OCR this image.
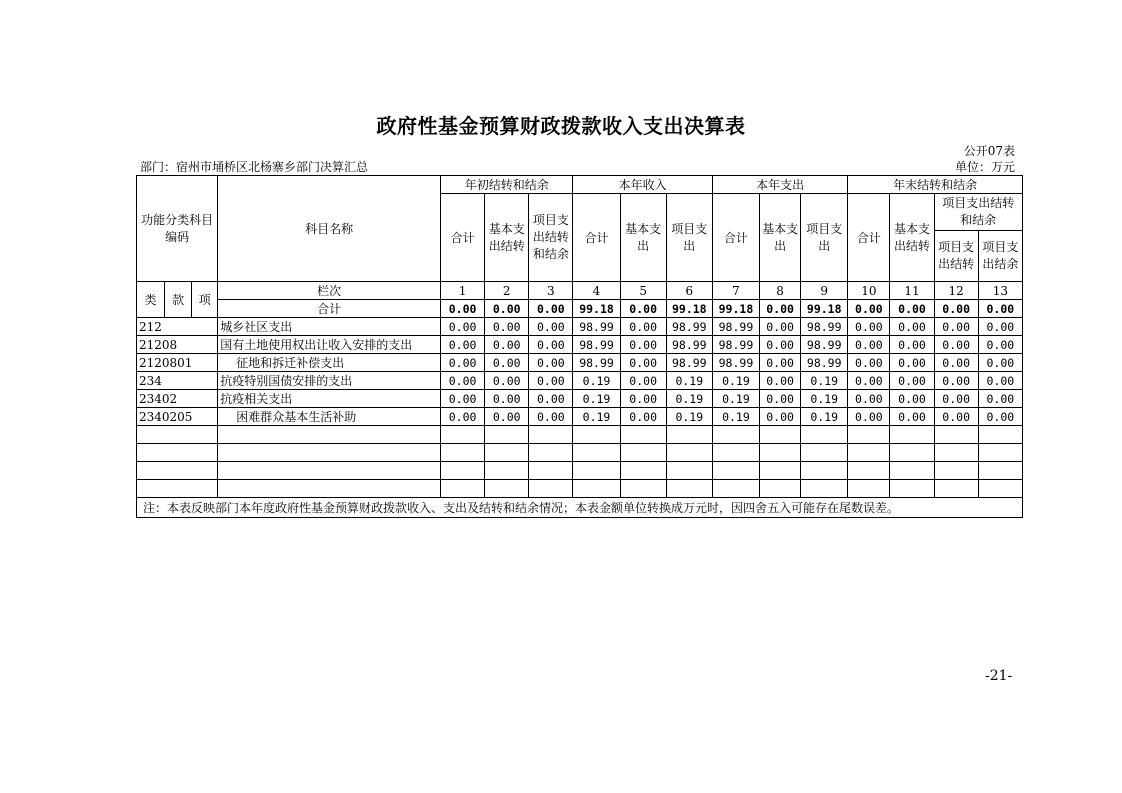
政府性基金预算财政拨款收入支出决算表
公开07表
部门：宿州市埇桥区北杨寨乡部门决算汇总	单位：万元
功能分类科目编码			科目名称	年初结转和结余			本年收入			本年支出			年末结转和结余			
				合计	基本支出结转	项目支出结转和结余	合计	基本支出	项目支出	合计	基本支出	项目支出	合计	基本支出结转	项目支出结转和结余	
															项目支出结转	项目支出结余

类	款	项	栏次	1	2	3	4	5	6	7	8	9	10	11	12	13
			合计	0.00	0.00	0.00	99.18	0.00	99.18	99.18	0.00	99.18	0.00	0.00	0.00	0.00
212			城乡社区支出	0.00	0.00	0.00	98.99	0.00	98.99	98.99	0.00	98.99	0.00	0.00	0.00	0.00
21208			国有土地使用权出让收入安排的支出	0.00	0.00	0.00	98.99	0.00	98.99	98.99	0.00	98.99	0.00	0.00	0.00	0.00
2120801			征地和拆迁补偿支出	0.00	0.00	0.00	98.99	0.00	98.99	98.99	0.00	98.99	0.00	0.00	0.00	0.00
234			抗疫特别国债安排的支出	0.00	0.00	0.00	0.19	0.00	0.19	0.19	0.00	0.19	0.00	0.00	0.00	0.00
23402			抗疫相关支出	0.00	0.00	0.00	0.19	0.00	0.19	0.19	0.00	0.19	0.00	0.00	0.00	0.00
2340205			困难群众基本生活补助	0.00	0.00	0.00	0.19	0.00	0.19	0.19	0.00	0.19	0.00	0.00	0.00	0.00

注：本表反映部门本年度政府性基金预算财政拨款收入、支出及结转和结余情况；本表金额单位转换成万元时，因四舍五入可能存在尾数误差。																
-21-
